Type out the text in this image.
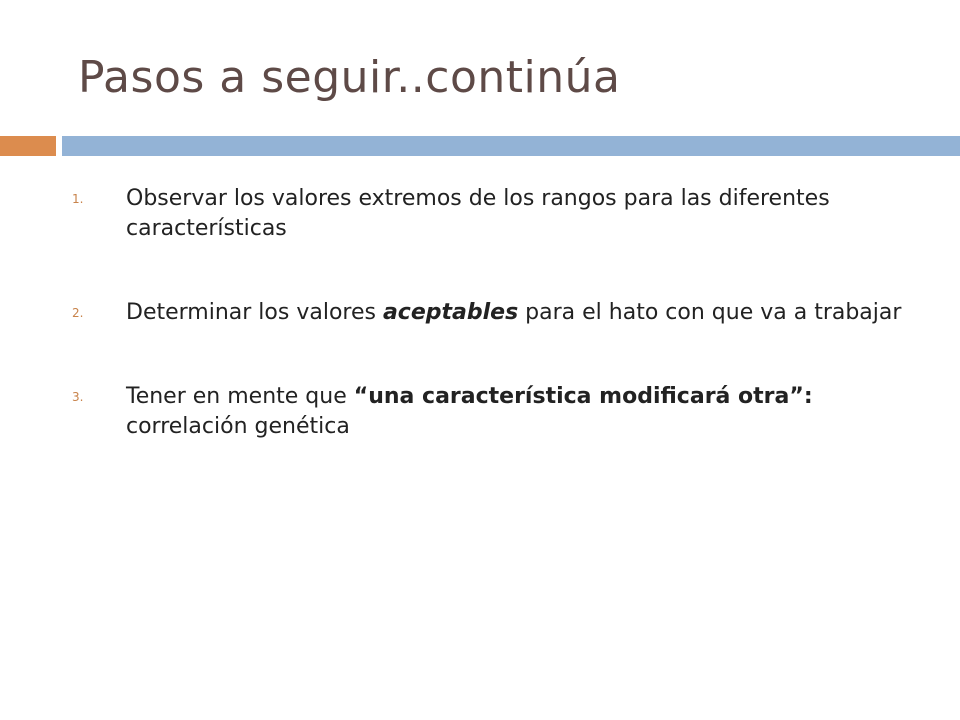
Pasos a seguir..continúa
1. Observar los valores extremos de los rangos para las diferentes características
2. Determinar los valores aceptables para el hato con que va a trabajar
3. Tener en mente que “una característica modificará otra”: correlación genética
